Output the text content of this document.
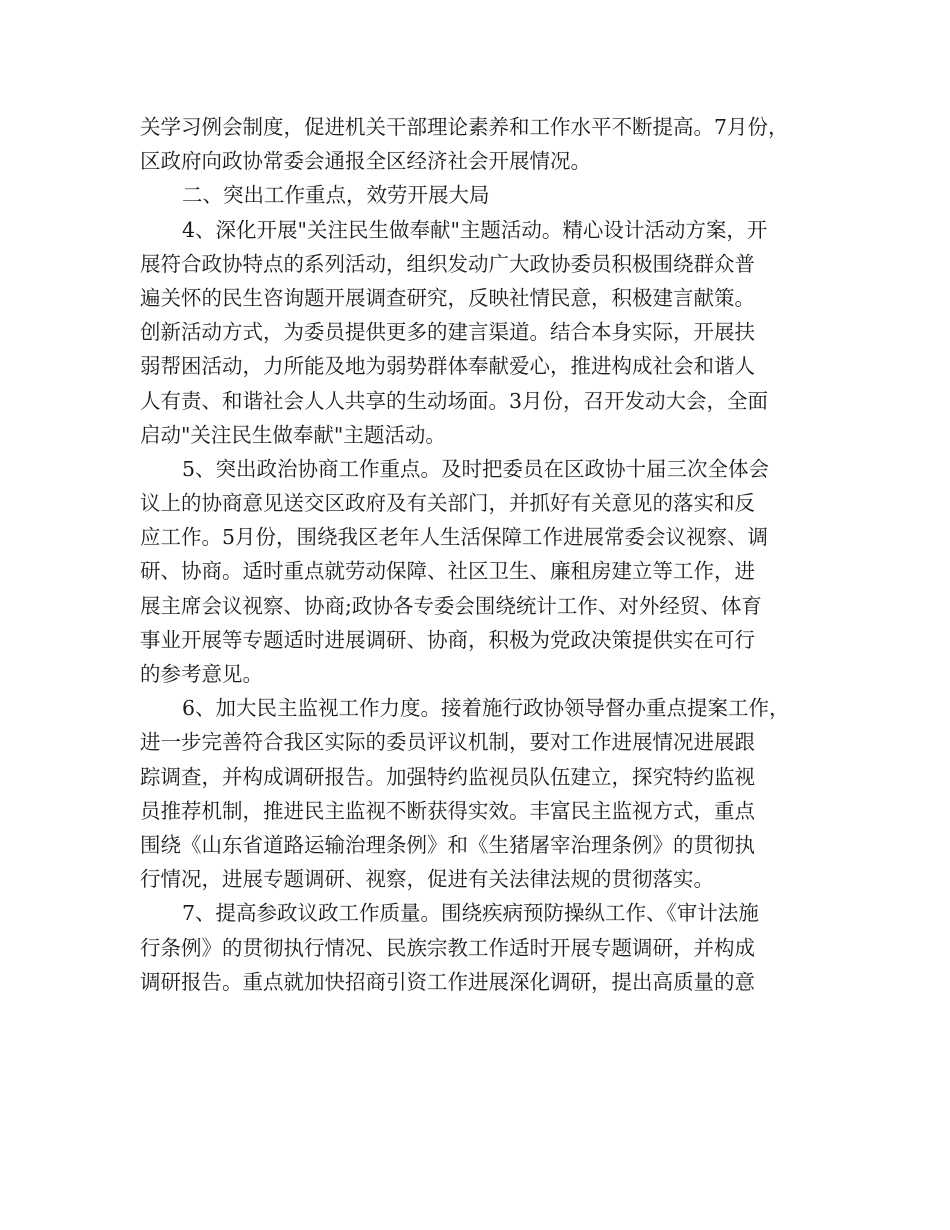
关学习例会制度，促进机关干部理论素养和工作水平不断提高。7月份，
区政府向政协常委会通报全区经济社会开展情况。
二、突出工作重点，效劳开展大局
4、深化开展"关注民生做奉献"主题活动。精心设计活动方案，开
展符合政协特点的系列活动，组织发动广大政协委员积极围绕群众普
遍关怀的民生咨询题开展调查研究，反映社情民意，积极建言献策。
创新活动方式，为委员提供更多的建言渠道。结合本身实际，开展扶
弱帮困活动，力所能及地为弱势群体奉献爱心，推进构成社会和谐人
人有责、和谐社会人人共享的生动场面。3月份，召开发动大会，全面
启动"关注民生做奉献"主题活动。
5、突出政治协商工作重点。及时把委员在区政协十届三次全体会
议上的协商意见送交区政府及有关部门，并抓好有关意见的落实和反
应工作。5月份，围绕我区老年人生活保障工作进展常委会议视察、调
研、协商。适时重点就劳动保障、社区卫生、廉租房建立等工作，进
展主席会议视察、协商;政协各专委会围绕统计工作、对外经贸、体育
事业开展等专题适时进展调研、协商，积极为党政决策提供实在可行
的参考意见。
6、加大民主监视工作力度。接着施行政协领导督办重点提案工作，
进一步完善符合我区实际的委员评议机制，要对工作进展情况进展跟
踪调查，并构成调研报告。加强特约监视员队伍建立，探究特约监视
员推荐机制，推进民主监视不断获得实效。丰富民主监视方式，重点
围绕《山东省道路运输治理条例》和《生猪屠宰治理条例》的贯彻执
行情况，进展专题调研、视察，促进有关法律法规的贯彻落实。
7、提高参政议政工作质量。围绕疾病预防操纵工作、《审计法施
行条例》的贯彻执行情况、民族宗教工作适时开展专题调研，并构成
调研报告。重点就加快招商引资工作进展深化调研，提出高质量的意
